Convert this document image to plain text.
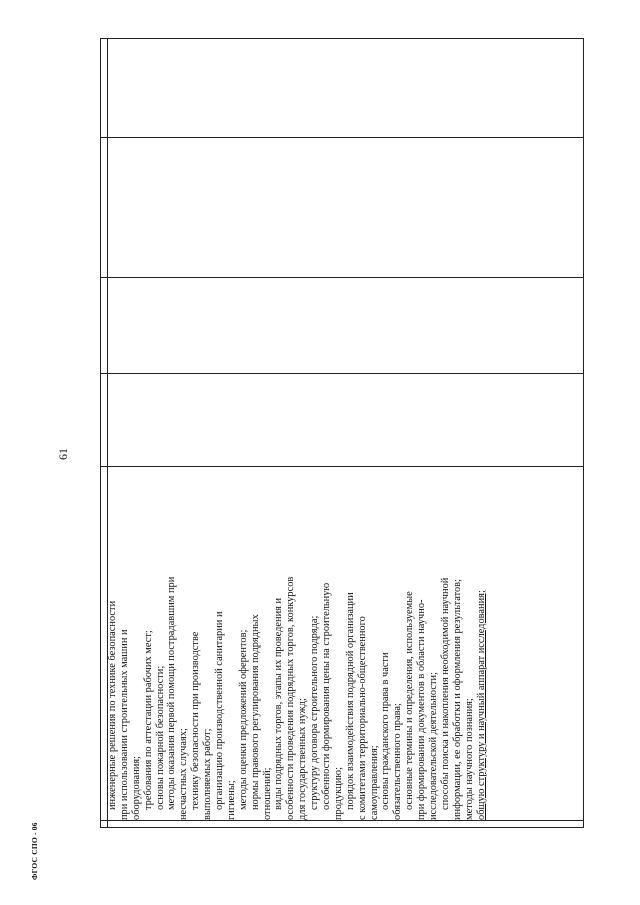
61
инженерные решения по технике безопасности при использовании строительных машин и оборудования; требования по аттестации рабочих мест; основы пожарной безопасности; методы оказания первой помощи пострадавшим при несчастных случаях; технику безопасности при производстве выполняемых работ; организацию производственной санитарии и гигиены; методы оценки предложений оферентов; нормы правового регулирования подрядных отношений; виды подрядных торгов, этапы их проведения и особенности проведения подрядных торгов, конкурсов для государственных нужд; структуру договора строительного подряда; особенности формирования цены на строительную продукцию; порядок взаимодействия подрядной организации с комитетами территориально-общественного самоуправления; основы гражданского права в части обязательственного права; основные термины и определения, используемые при формировании документов в области научно- исследовательской деятельности; способы поиска и накопления необходимой научной информации, ее обработки и оформления результатов; методы научного познания; общую структуру и научный аппарат исследования;
ФГОС СПО - 06
